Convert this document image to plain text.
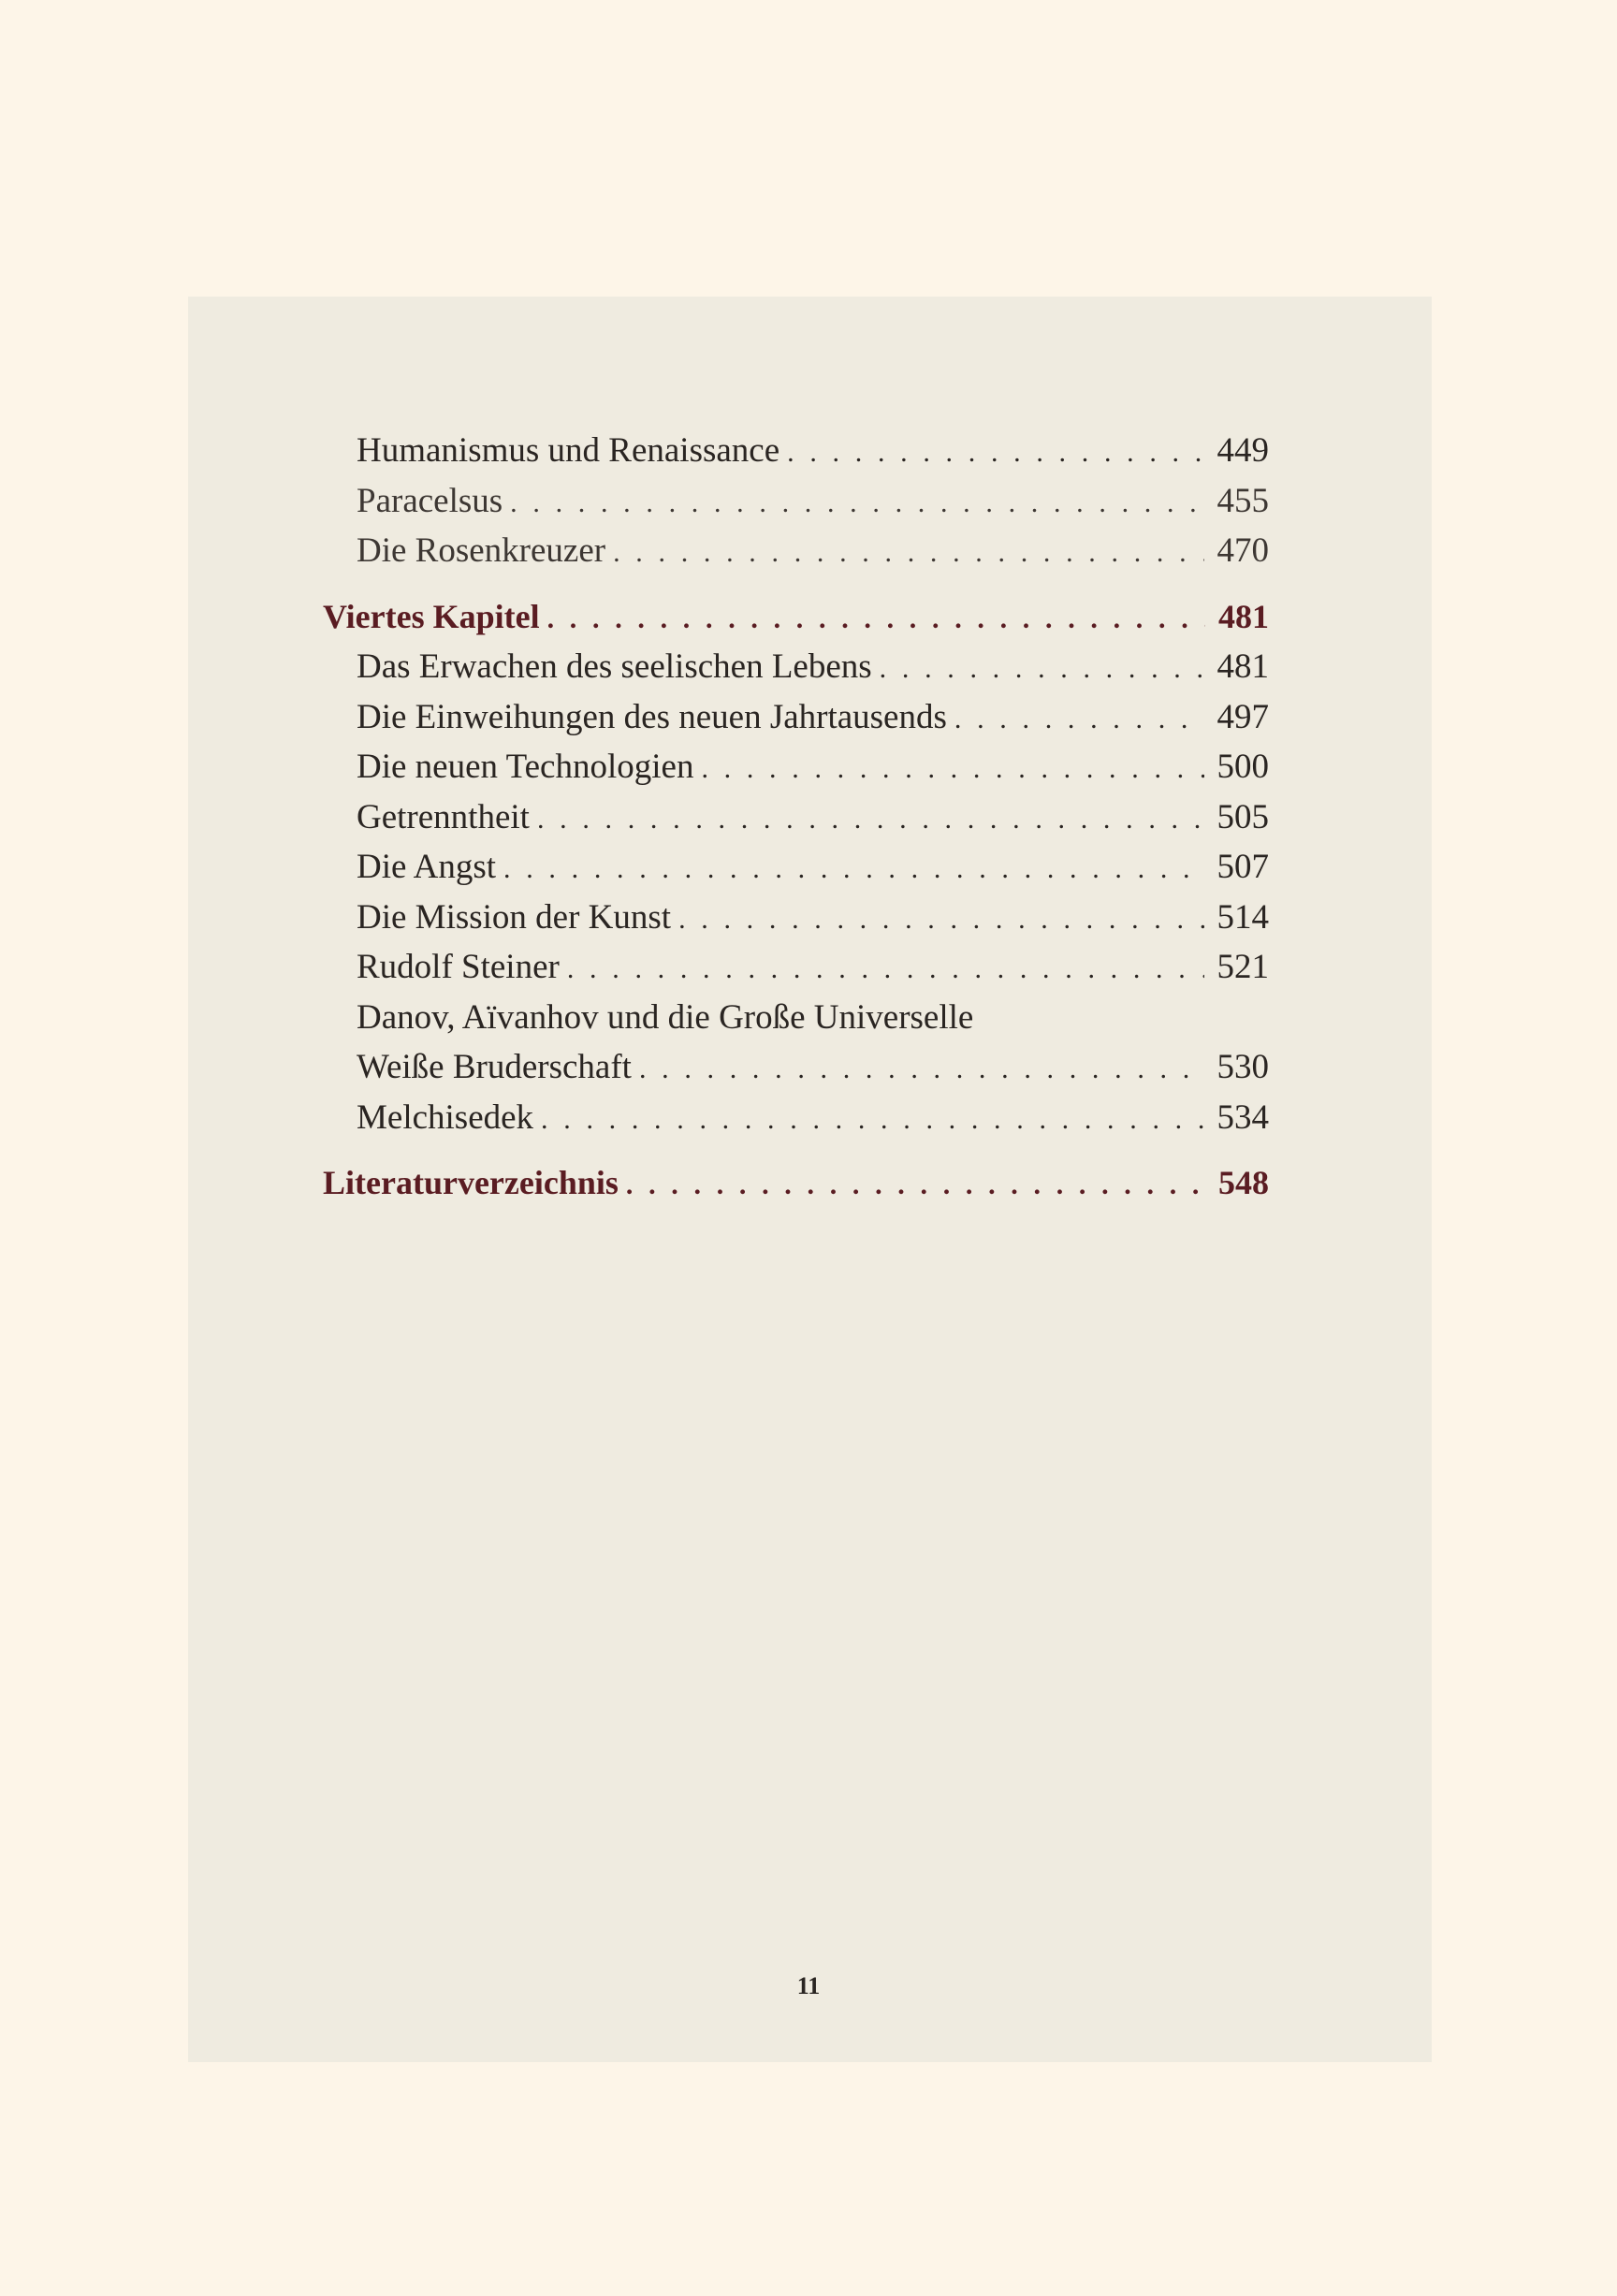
Humanismus und Renaissance . . .	449
Paracelsus . . .	455
Die Rosenkreuzer . . .	470
Viertes Kapitel . . .	481
Das Erwachen des seelischen Lebens . . .	481
Die Einweihungen des neuen Jahrtausends . . .	497
Die neuen Technologien . . .	500
Getrenntheit . . .	505
Die Angst . . .	507
Die Mission der Kunst . . .	514
Rudolf Steiner . . .	521
Danov, Aïvanhov und die Große Universelle
Weiße Bruderschaft . . .	530
Melchisedek . . .	534
Literaturverzeichnis . . .	548
11
